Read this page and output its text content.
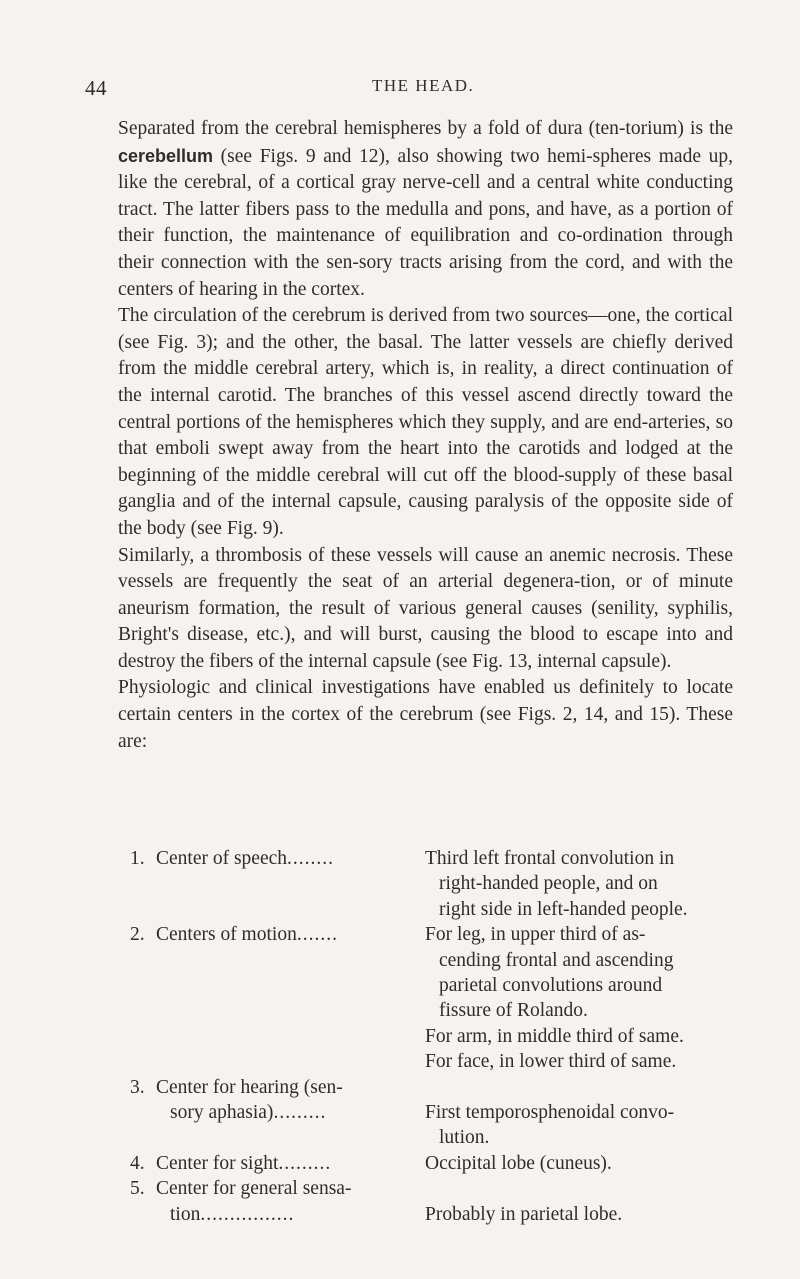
44	THE HEAD.

Separated from the cerebral hemispheres by a fold of dura (ten-torium) is the cerebellum (see Figs. 9 and 12), also showing two hemi-spheres made up, like the cerebral, of a cortical gray nerve-cell and a central white conducting tract. The latter fibers pass to the medulla and pons, and have, as a portion of their function, the maintenance of equilibration and co-ordination through their connection with the sen-sory tracts arising from the cord, and with the centers of hearing in the cortex.

The circulation of the cerebrum is derived from two sources—one, the cortical (see Fig. 3); and the other, the basal. The latter vessels are chiefly derived from the middle cerebral artery, which is, in reality, a direct continuation of the internal carotid. The branches of this vessel ascend directly toward the central portions of the hemispheres which they supply, and are end-arteries, so that emboli swept away from the heart into the carotids and lodged at the beginning of the middle cerebral will cut off the blood-supply of these basal ganglia and of the internal capsule, causing paralysis of the opposite side of the body (see Fig. 9).

Similarly, a thrombosis of these vessels will cause an anemic necrosis. These vessels are frequently the seat of an arterial degenera-tion, or of minute aneurism formation, the result of various general causes (senility, syphilis, Bright's disease, etc.), and will burst, causing the blood to escape into and destroy the fibers of the internal capsule (see Fig. 13, internal capsule).

Physiologic and clinical investigations have enabled us definitely to locate certain centers in the cortex of the cerebrum (see Figs. 2, 14, and 15). These are:

1. Center of speech........	Third left frontal convolution in
right-handed people, and on
right side in left-handed people.
2. Centers of motion.......	For leg, in upper third of as-
cending frontal and ascending
parietal convolutions around
fissure of Rolando.
For arm, in middle third of same.
For face, in lower third of same.
3. Center for hearing (sen-
sory aphasia).........	First temporosphenoidal convo-
lution.
4. Center for sight.........	Occipital lobe (cuneus).
5. Center for general sensa-
tion................	Probably in parietal lobe.
